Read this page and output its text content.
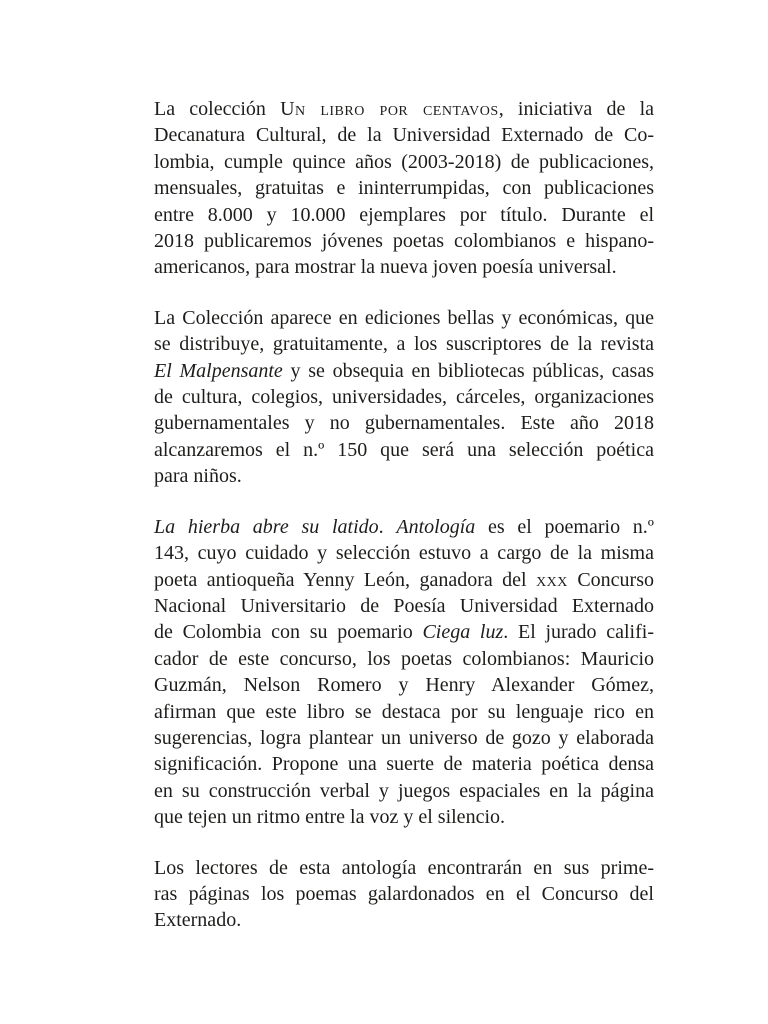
La colección Un libro por centavos, iniciativa de la
Decanatura Cultural, de la Universidad Externado de Co-
lombia, cumple quince años (2003-2018) de publicaciones,
mensuales, gratuitas e ininterrumpidas, con publicaciones
entre 8.000 y 10.000 ejemplares por título. Durante el
2018 publicaremos jóvenes poetas colombianos e hispano-
americanos, para mostrar la nueva joven poesía universal.

La Colección aparece en ediciones bellas y económicas, que
se distribuye, gratuitamente, a los suscriptores de la revista
El Malpensante y se obsequia en bibliotecas públicas, casas
de cultura, colegios, universidades, cárceles, organizaciones
gubernamentales y no gubernamentales. Este año 2018
alcanzaremos el n.º 150 que será una selección poética
para niños.

La hierba abre su latido. Antología es el poemario n.º
143, cuyo cuidado y selección estuvo a cargo de la misma
poeta antioqueña Yenny León, ganadora del xxx Concurso
Nacional Universitario de Poesía Universidad Externado
de Colombia con su poemario Ciega luz. El jurado califi-
cador de este concurso, los poetas colombianos: Mauricio
Guzmán, Nelson Romero y Henry Alexander Gómez,
afirman que este libro se destaca por su lenguaje rico en
sugerencias, logra plantear un universo de gozo y elaborada
significación. Propone una suerte de materia poética densa
en su construcción verbal y juegos espaciales en la página
que tejen un ritmo entre la voz y el silencio.

Los lectores de esta antología encontrarán en sus prime-
ras páginas los poemas galardonados en el Concurso del
Externado.
